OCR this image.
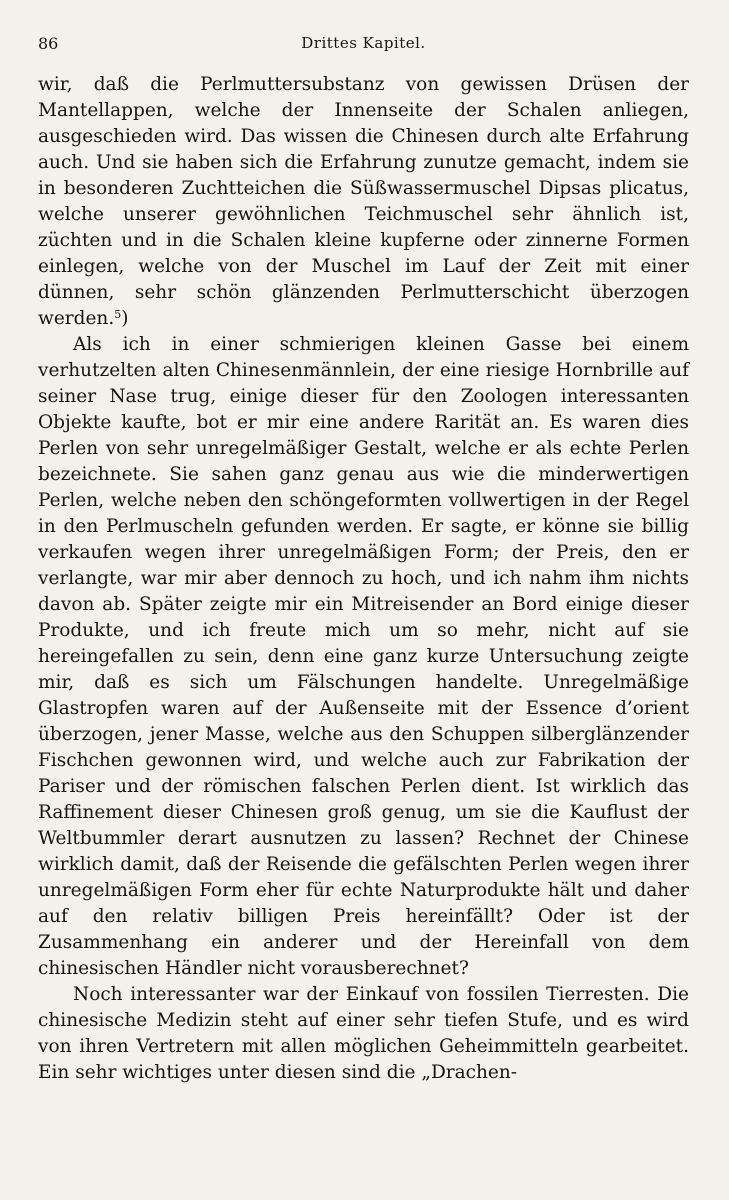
86	Drittes Kapitel.

wir, daß die Perlmuttersubstanz von gewissen Drüsen der Mantellappen, welche der Innenseite der Schalen anliegen, ausgeschieden wird. Das wissen die Chinesen durch alte Erfahrung auch. Und sie haben sich die Erfahrung zunutze gemacht, indem sie in besonderen Zuchtteichen die Süßwassermuschel Dipsas plicatus, welche unserer gewöhnlichen Teichmuschel sehr ähnlich ist, züchten und in die Schalen kleine kupferne oder zinnerne Formen einlegen, welche von der Muschel im Lauf der Zeit mit einer dünnen, sehr schön glänzenden Perlmutterschicht überzogen werden.$^5$)

Als ich in einer schmierigen kleinen Gasse bei einem verhutzelten alten Chinesenmännlein, der eine riesige Hornbrille auf seiner Nase trug, einige dieser für den Zoologen interessanten Objekte kaufte, bot er mir eine andere Rarität an. Es waren dies Perlen von sehr unregelmäßiger Gestalt, welche er als echte Perlen bezeichnete. Sie sahen ganz genau aus wie die minderwertigen Perlen, welche neben den schöngeformten vollwertigen in der Regel in den Perlmuscheln gefunden werden. Er sagte, er könne sie billig verkaufen wegen ihrer unregelmäßigen Form; der Preis, den er verlangte, war mir aber dennoch zu hoch, und ich nahm ihm nichts davon ab. Später zeigte mir ein Mitreisender an Bord einige dieser Produkte, und ich freute mich um so mehr, nicht auf sie hereingefallen zu sein, denn eine ganz kurze Untersuchung zeigte mir, daß es sich um Fälschungen handelte. Unregelmäßige Glastropfen waren auf der Außenseite mit der Essence d’orient überzogen, jener Masse, welche aus den Schuppen silberglänzender Fischchen gewonnen wird, und welche auch zur Fabrikation der Pariser und der römischen falschen Perlen dient. Ist wirklich das Raffinement dieser Chinesen groß genug, um sie die Kauflust der Weltbummler derart ausnutzen zu lassen? Rechnet der Chinese wirklich damit, daß der Reisende die gefälschten Perlen wegen ihrer unregelmäßigen Form eher für echte Naturprodukte hält und daher auf den relativ billigen Preis hereinfällt? Oder ist der Zusammenhang ein anderer und der Hereinfall von dem chinesischen Händler nicht vorausberechnet?

Noch interessanter war der Einkauf von fossilen Tierresten. Die chinesische Medizin steht auf einer sehr tiefen Stufe, und es wird von ihren Vertretern mit allen möglichen Geheimmitteln gearbeitet. Ein sehr wichtiges unter diesen sind die „Drachen-
